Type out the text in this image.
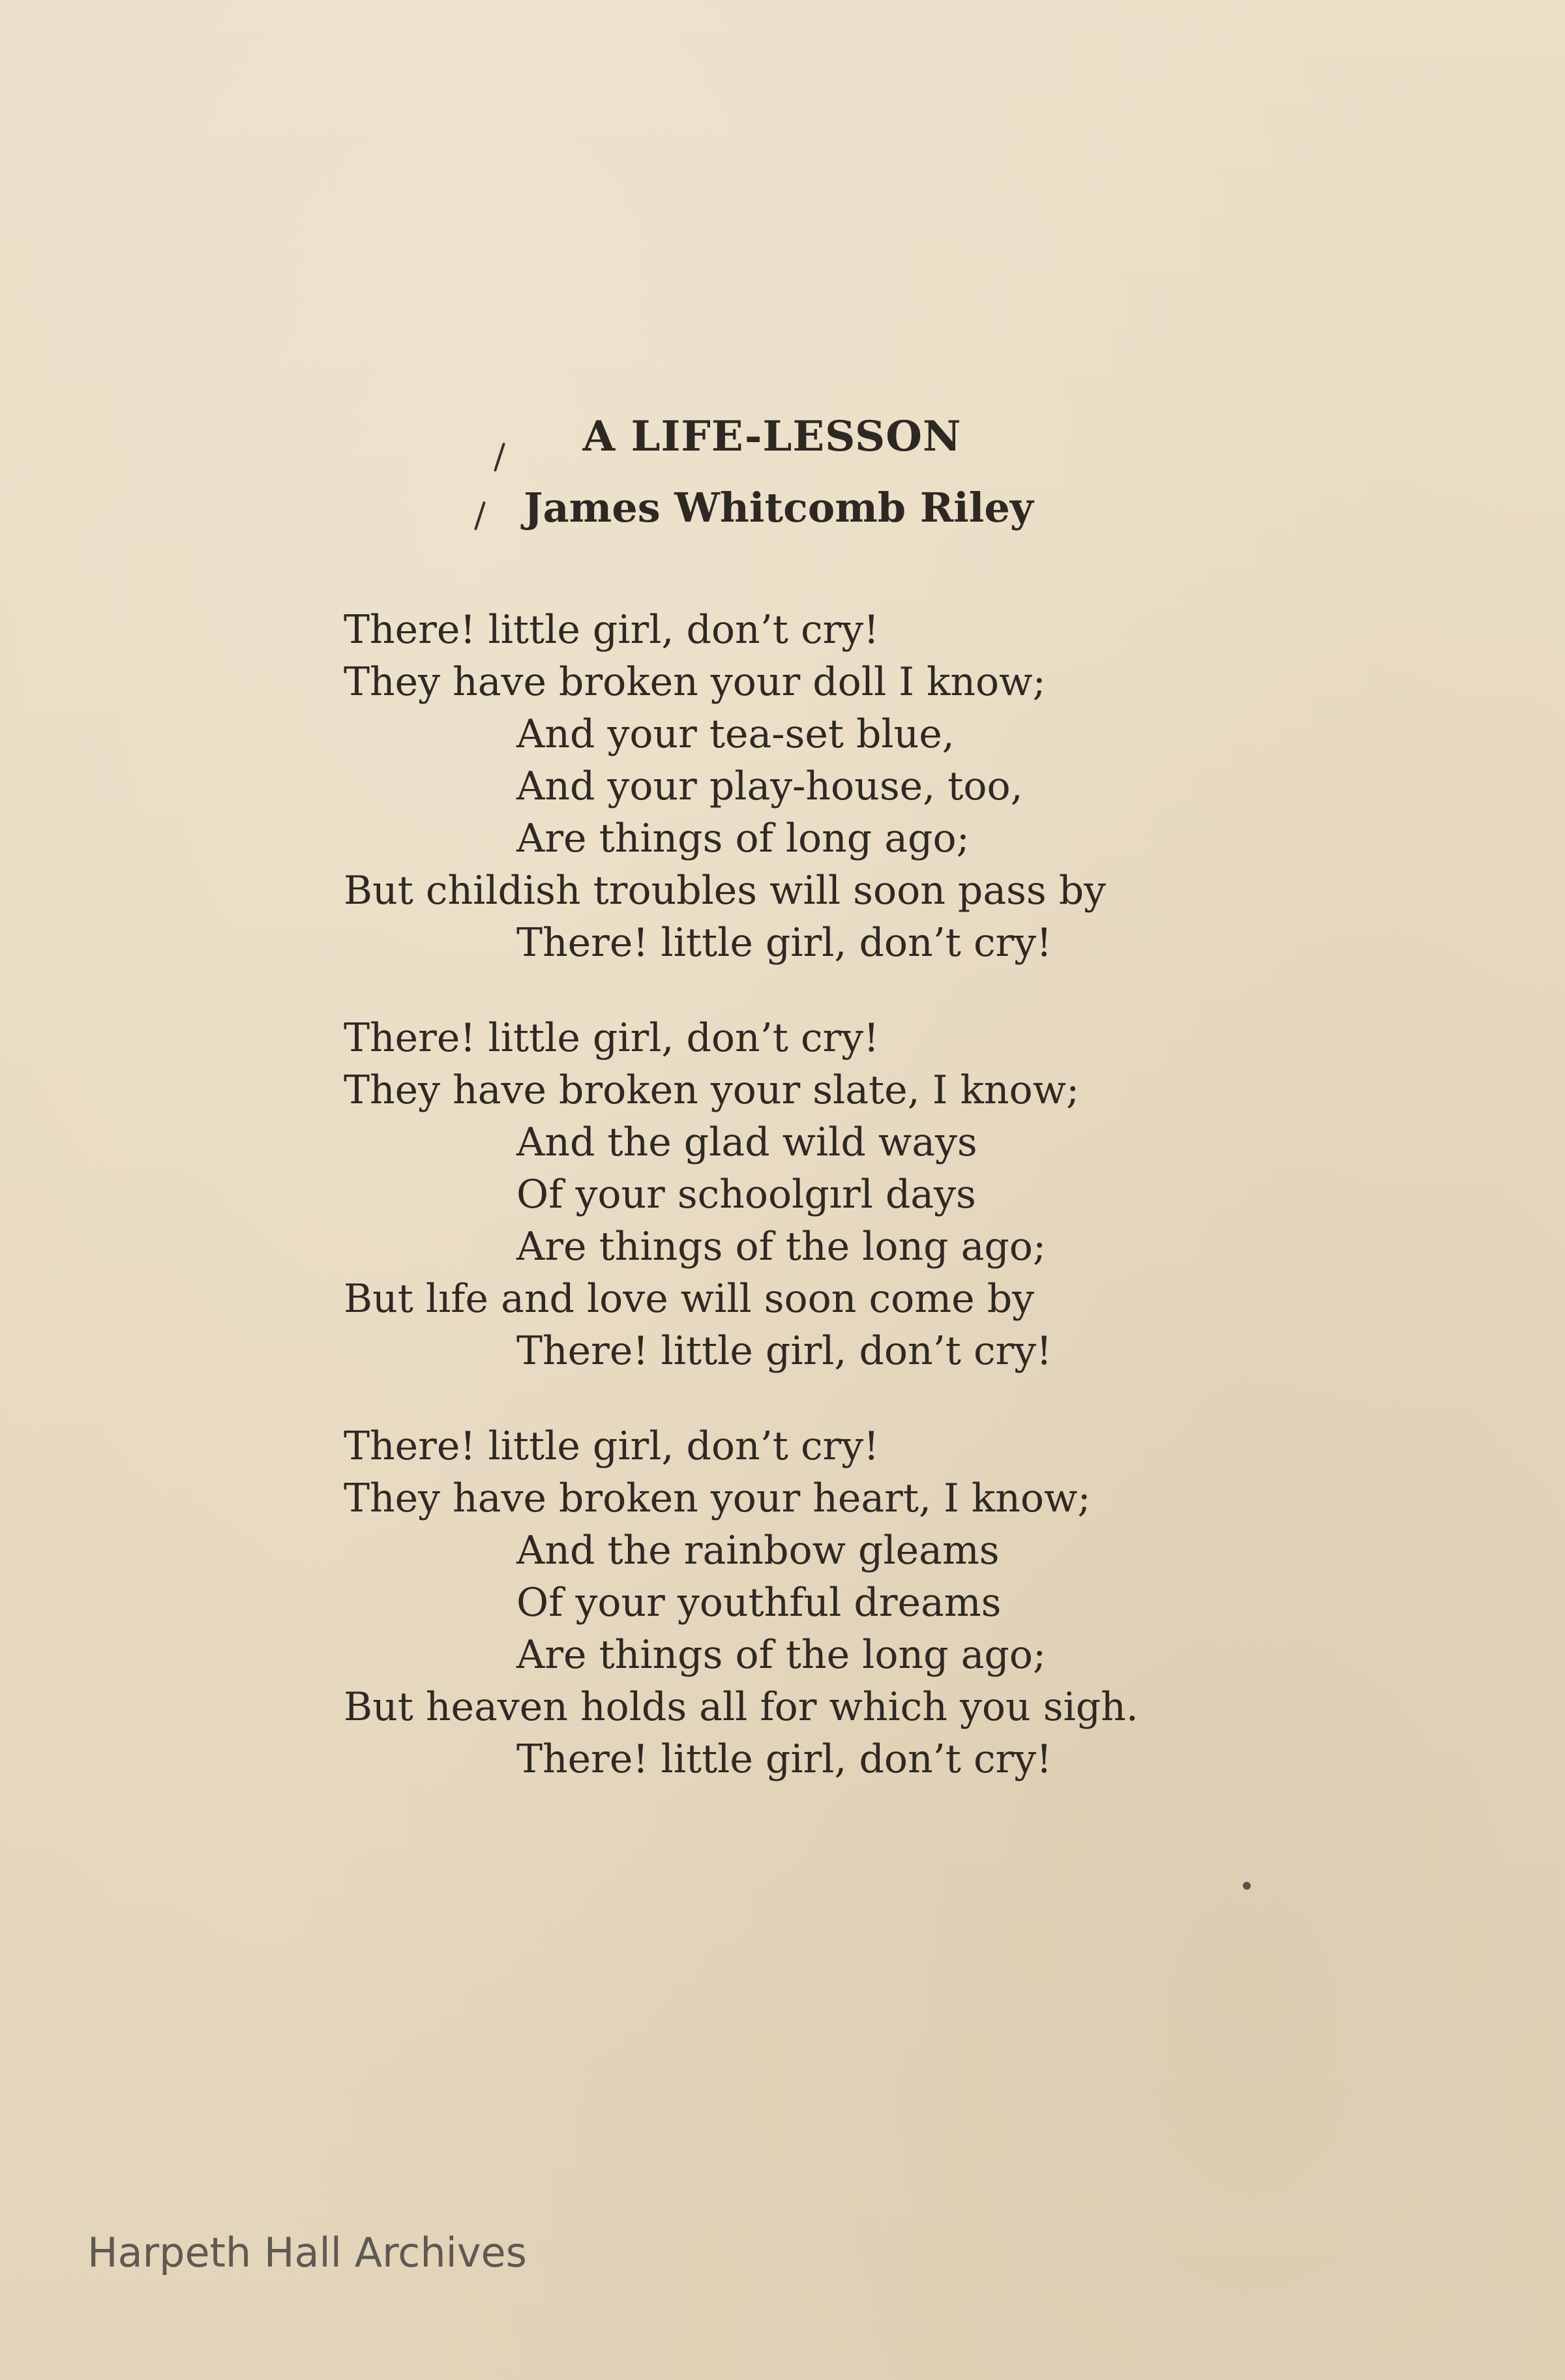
A LIFE-LESSON
James Whitcomb Riley
There! little girl, don’t cry!
They have broken your doll I know;
And your tea-set blue,
And your play-house, too,
Are things of long ago;
But childish troubles will soon pass by
There! little girl, don’t cry!
There! little girl, don’t cry!
They have broken your slate, I know;
And the glad wild ways
Of your schoolgırl days
Are things of the long ago;
But lıfe and love will soon come by
There! little girl, don’t cry!
There! little girl, don’t cry!
They have broken your heart, I know;
And the rainbow gleams
Of your youthful dreams
Are things of the long ago;
But heaven holds all for which you sigh.
There! little girl, don’t cry!
Harpeth Hall Archives
